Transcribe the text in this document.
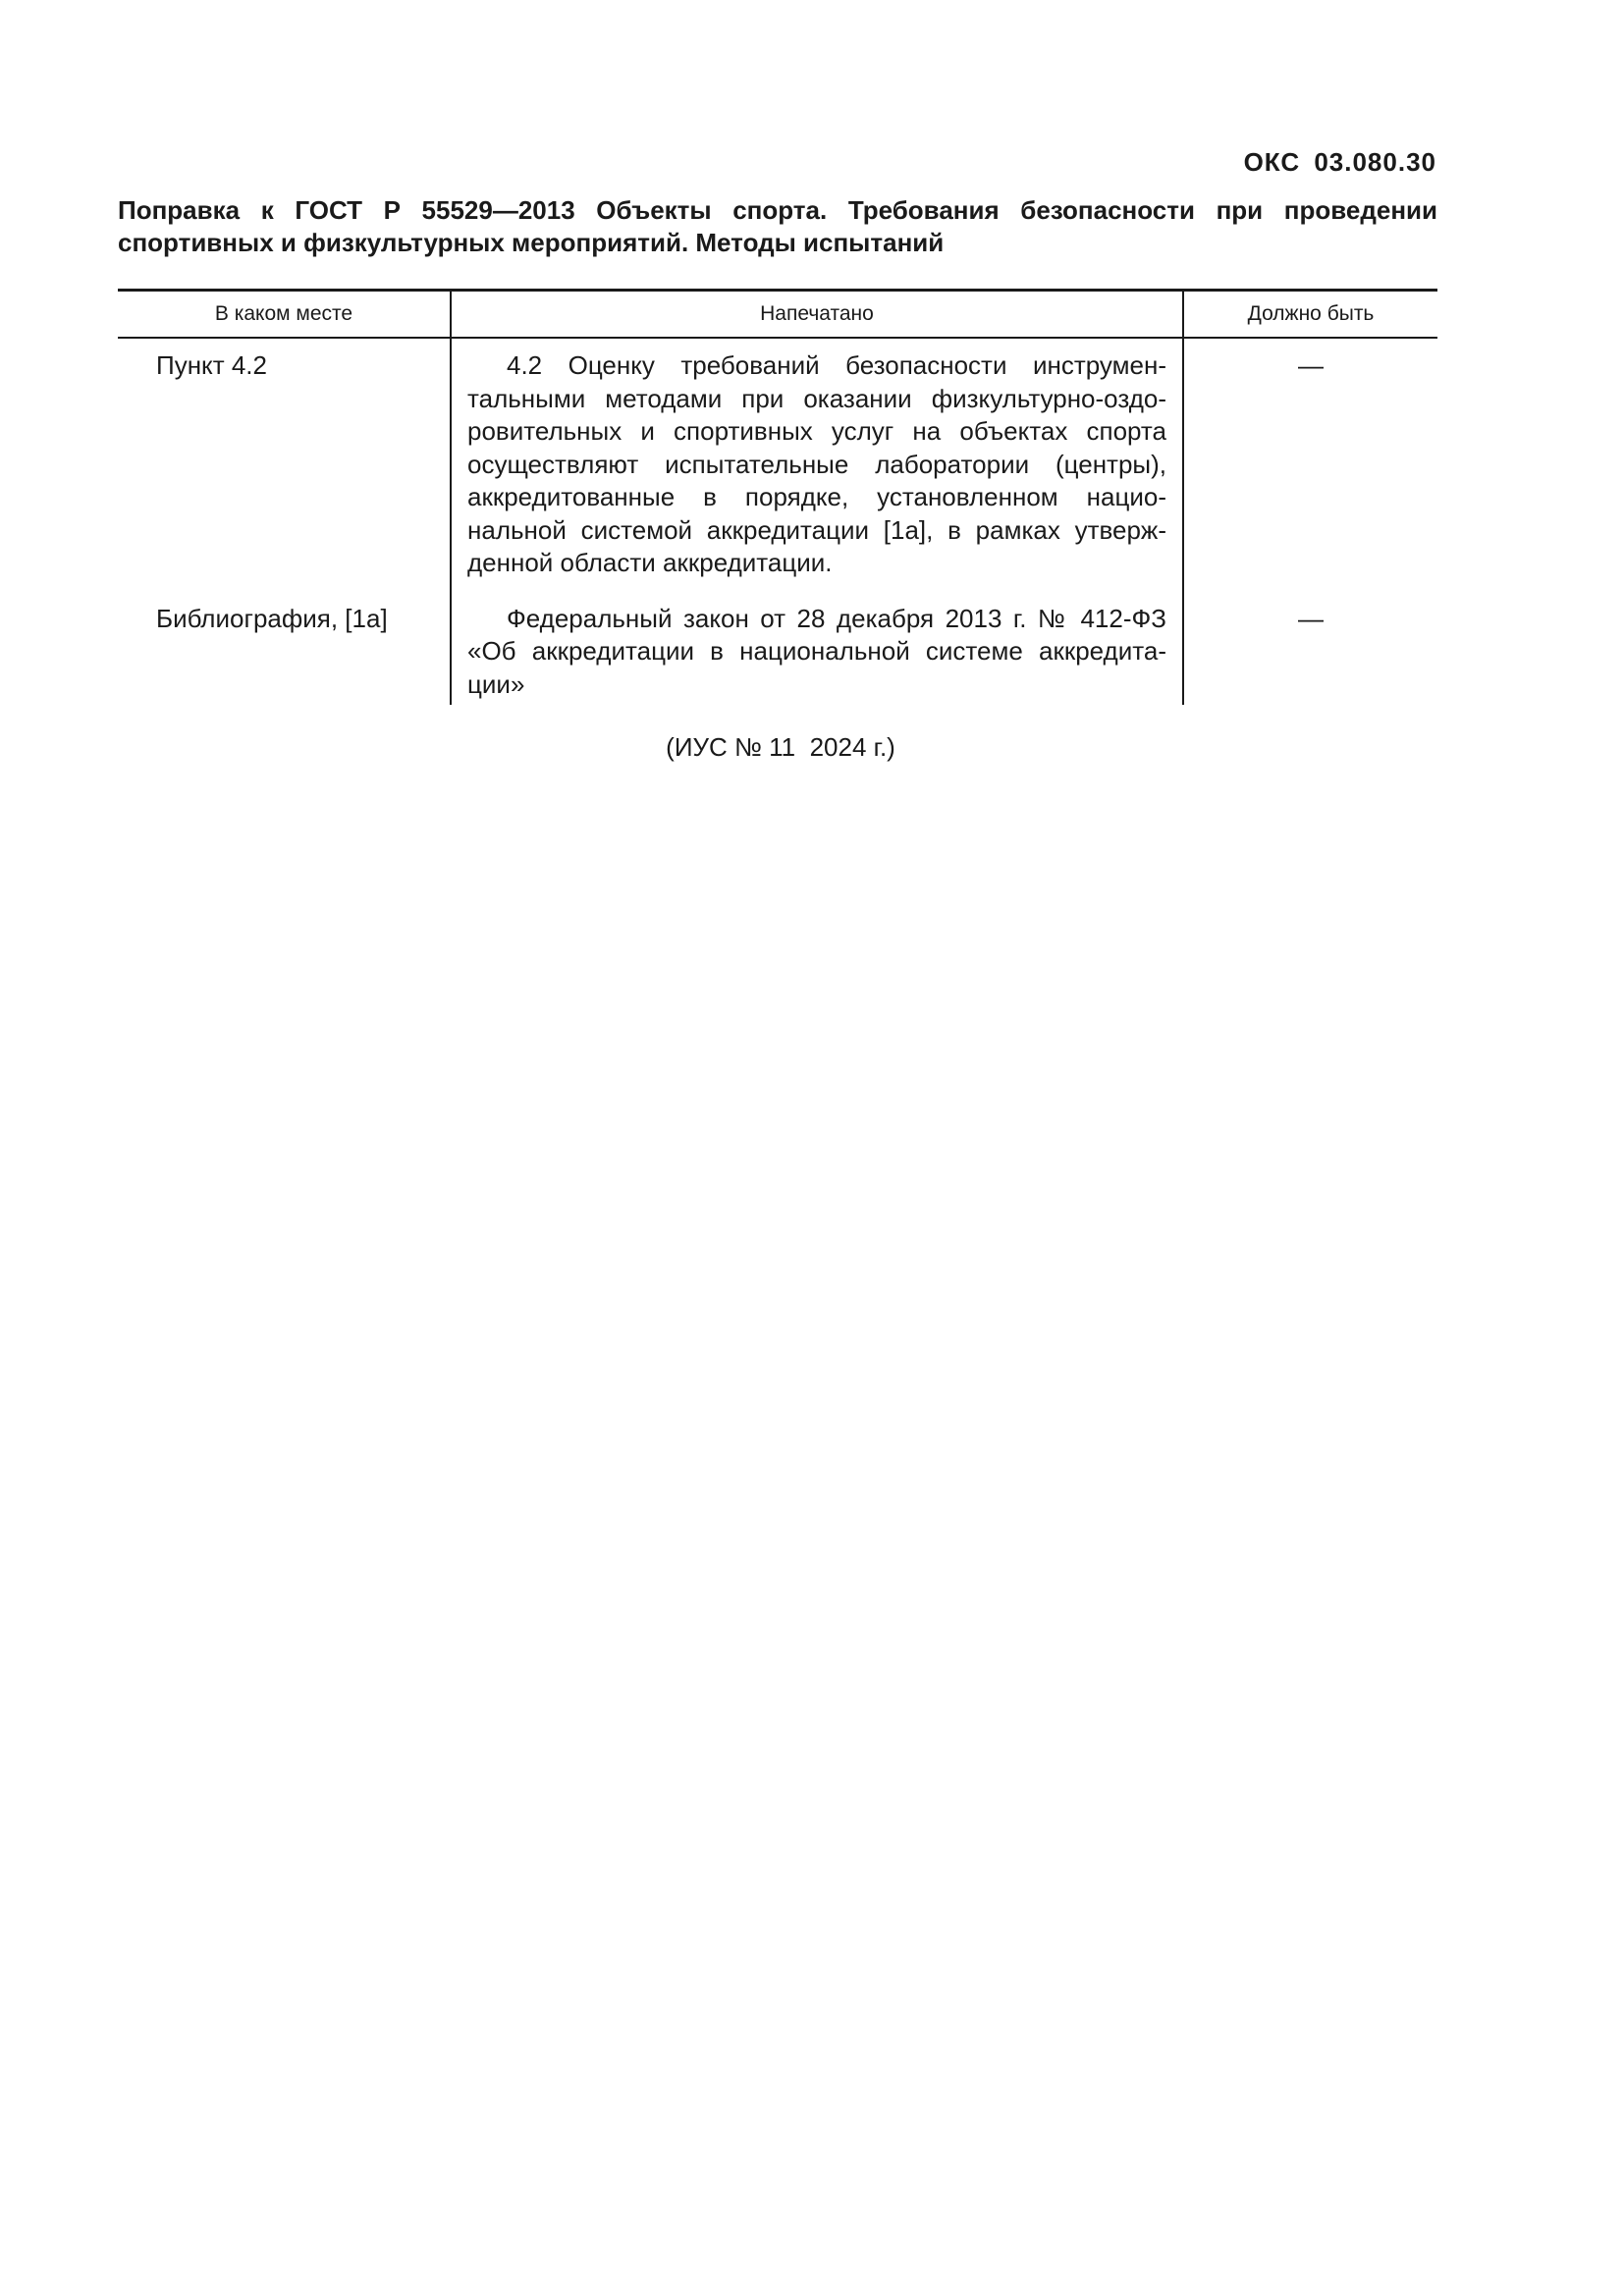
ОКС 03.080.30

Поправка к ГОСТ Р 55529—2013 Объекты спорта. Требования безопасности при проведении спортивных и физкультурных мероприятий. Методы испытаний

В каком месте	Напечатано	Должно быть
Пункт 4.2	4.2 Оценку требований безопасности инструментальными методами при оказании физкультурно-оздоровительных и спортивных услуг на объектах спорта осуществляют испытательные лаборатории (центры), аккредитованные в порядке, установленном национальной системой аккредитации [1а], в рамках утвержденной области аккредитации.	—
Библиография, [1а]	Федеральный закон от 28 декабря 2013 г. № 412-ФЗ «Об аккредитации в национальной системе аккредитации»	—

(ИУС № 11  2024 г.)
